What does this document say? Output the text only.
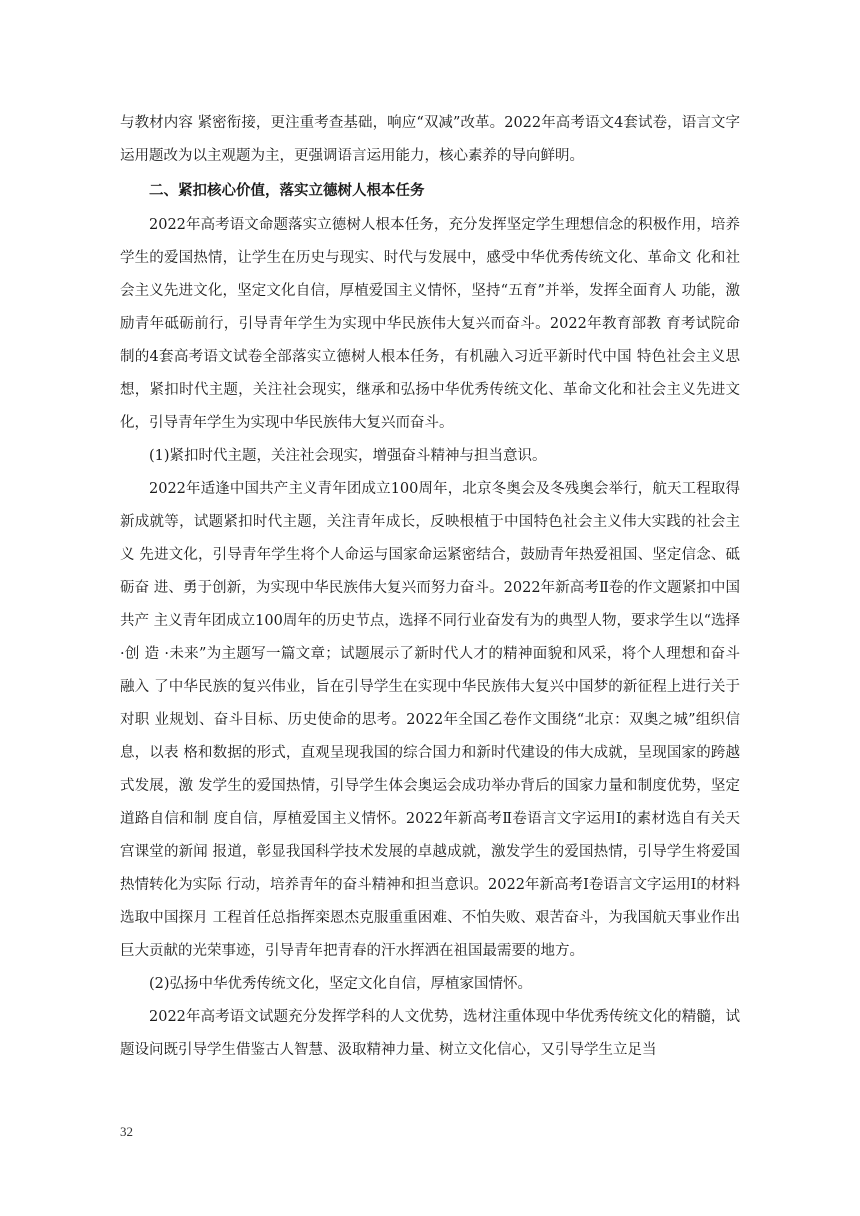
与教材内容 紧密衔接，更注重考查基础，响应“双减”改革。2022年高考语文4套试卷，语言文字运用题改为以主观题为主，更强调语言运用能力，核心素养的导向鲜明。

二、紧扣核心价值，落实立德树人根本任务

2022年高考语文命题落实立德树人根本任务，充分发挥坚定学生理想信念的积极作用，培养学生的爱国热情，让学生在历史与现实、时代与发展中，感受中华优秀传统文化、革命文 化和社会主义先进文化，坚定文化自信，厚植爱国主义情怀，坚持“五育”并举，发挥全面育人 功能，激励青年砥砺前行，引导青年学生为实现中华民族伟大复兴而奋斗。2022年教育部教 育考试院命制的4套高考语文试卷全部落实立德树人根本任务，有机融入习近平新时代中国 特色社会主义思想，紧扣时代主题，关注社会现实，继承和弘扬中华优秀传统文化、革命文化和社会主义先进文化，引导青年学生为实现中华民族伟大复兴而奋斗。

(1)紧扣时代主题，关注社会现实，增强奋斗精神与担当意识。

2022年适逢中国共产主义青年团成立100周年，北京冬奥会及冬残奥会举行，航天工程取得 新成就等，试题紧扣时代主题，关注青年成长，反映根植于中国特色社会主义伟大实践的社会主义 先进文化，引导青年学生将个人命运与国家命运紧密结合，鼓励青年热爱祖国、坚定信念、砥砺奋 进、勇于创新，为实现中华民族伟大复兴而努力奋斗。2022年新高考Ⅱ卷的作文题紧扣中国共产 主义青年团成立100周年的历史节点，选择不同行业奋发有为的典型人物，要求学生以“选择 ·创 造 ·未来”为主题写一篇文章；试题展示了新时代人才的精神面貌和风采，将个人理想和奋斗融入 了中华民族的复兴伟业，旨在引导学生在实现中华民族伟大复兴中国梦的新征程上进行关于对职 业规划、奋斗目标、历史使命的思考。2022年全国乙卷作文围绕“北京：双奥之城”组织信息，以表 格和数据的形式，直观呈现我国的综合国力和新时代建设的伟大成就，呈现国家的跨越式发展，激 发学生的爱国热情，引导学生体会奥运会成功举办背后的国家力量和制度优势，坚定道路自信和制 度自信，厚植爱国主义情怀。2022年新高考Ⅱ卷语言文字运用Ⅰ的素材选自有关天宫课堂的新闻 报道，彰显我国科学技术发展的卓越成就，激发学生的爱国热情，引导学生将爱国热情转化为实际 行动，培养青年的奋斗精神和担当意识。2022年新高考Ⅰ卷语言文字运用Ⅰ的材料选取中国探月 工程首任总指挥栾恩杰克服重重困难、不怕失败、艰苦奋斗，为我国航天事业作出巨大贡献的光荣事迹，引导青年把青春的汗水挥洒在祖国最需要的地方。

(2)弘扬中华优秀传统文化，坚定文化自信，厚植家国情怀。

2022年高考语文试题充分发挥学科的人文优势，选材注重体现中华优秀传统文化的精髓，试题设问既引导学生借鉴古人智慧、汲取精神力量、树立文化信心，又引导学生立足当

32
